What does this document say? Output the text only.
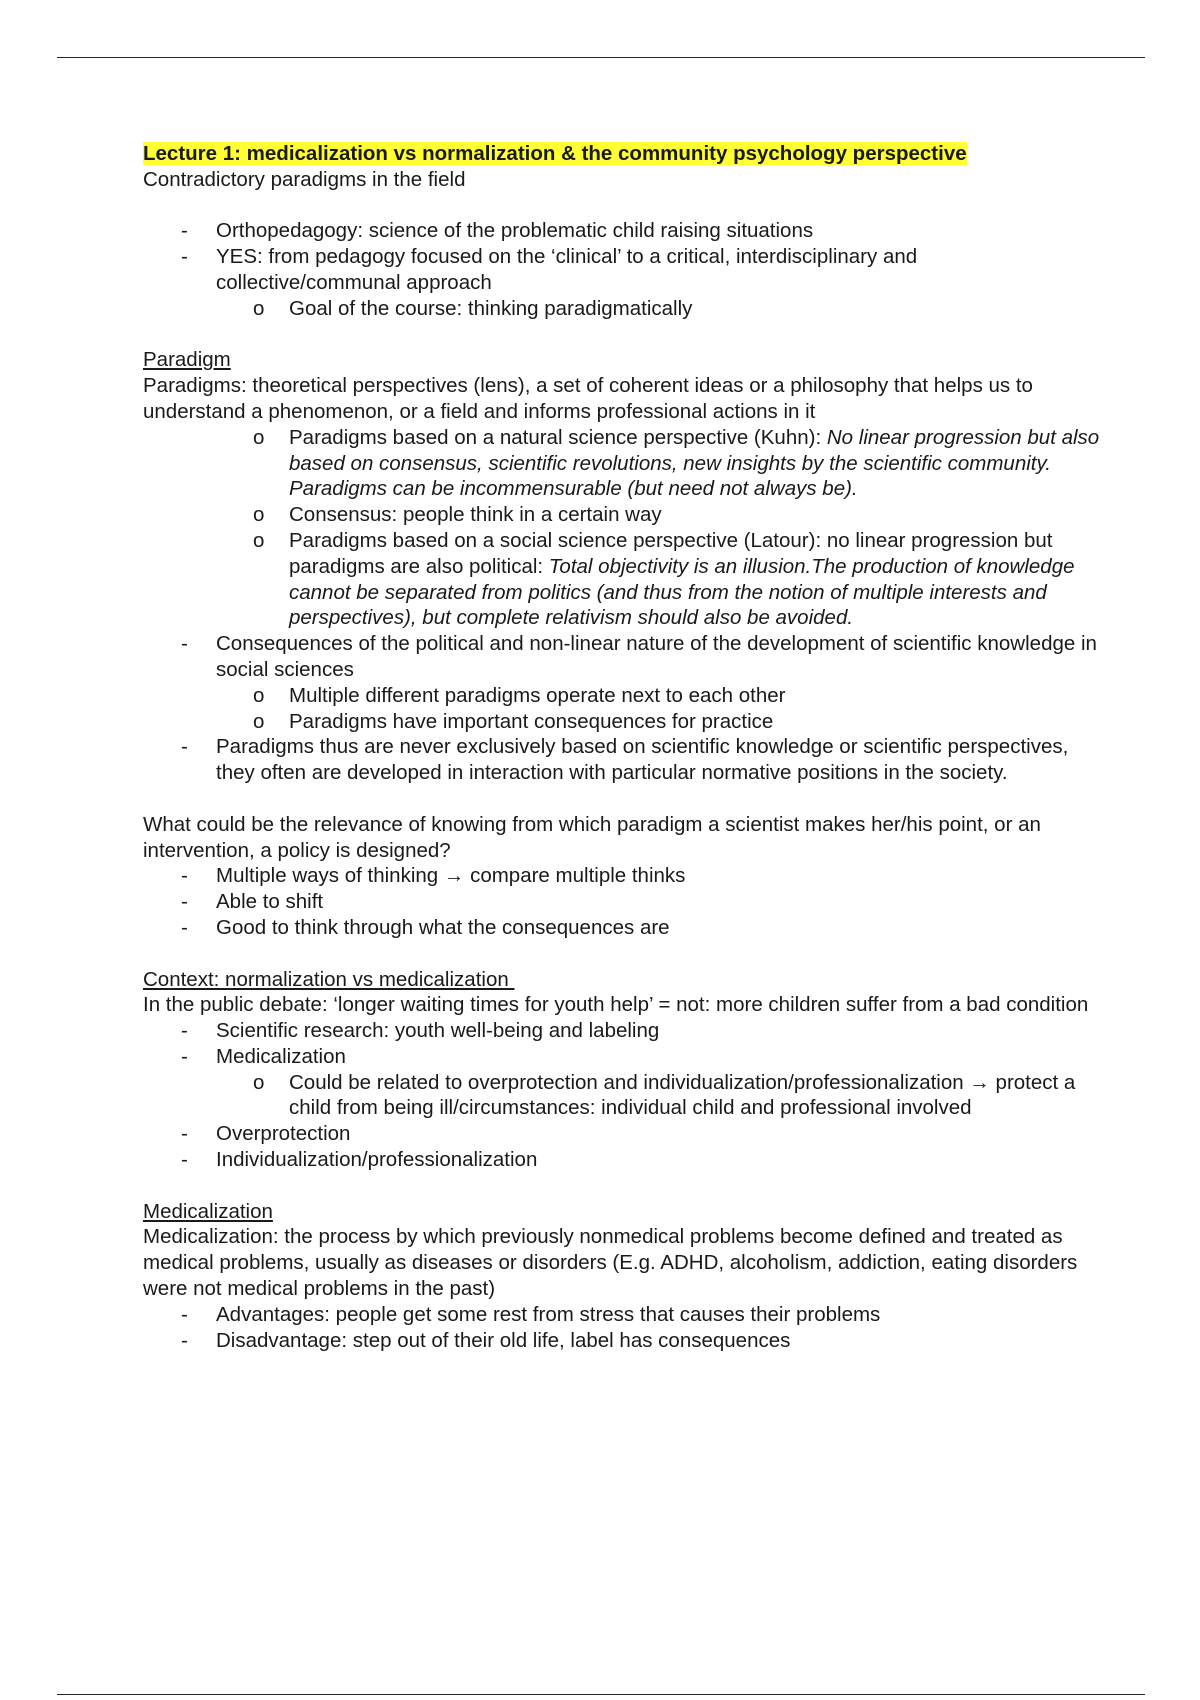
Lecture 1: medicalization vs normalization & the community psychology perspective

Contradictory paradigms in the field

- Orthopedagogy: science of the problematic child raising situations
- YES: from pedagogy focused on the ‘clinical’ to a critical, interdisciplinary and collective/communal approach
o Goal of the course: thinking paradigmatically

Paradigm

Paradigms: theoretical perspectives (lens), a set of coherent ideas or a philosophy that helps us to understand a phenomenon, or a field and informs professional actions in it

o Paradigms based on a natural science perspective (Kuhn): No linear progression but also based on consensus, scientific revolutions, new insights by the scientific community. Paradigms can be incommensurable (but need not always be).
o Consensus: people think in a certain way
o Paradigms based on a social science perspective (Latour): no linear progression but paradigms are also political: Total objectivity is an illusion.The production of knowledge cannot be separated from politics (and thus from the notion of multiple interests and perspectives), but complete relativism should also be avoided.
- Consequences of the political and non-linear nature of the development of scientific knowledge in social sciences
o Multiple different paradigms operate next to each other
o Paradigms have important consequences for practice
- Paradigms thus are never exclusively based on scientific knowledge or scientific perspectives, they often are developed in interaction with particular normative positions in the society.

What could be the relevance of knowing from which paradigm a scientist makes her/his point, or an intervention, a policy is designed?

- Multiple ways of thinking → compare multiple thinks
- Able to shift
- Good to think through what the consequences are

Context: normalization vs medicalization

In the public debate: ‘longer waiting times for youth help’ = not: more children suffer from a bad condition

- Scientific research: youth well-being and labeling
- Medicalization
o Could be related to overprotection and individualization/professionalization → protect a child from being ill/circumstances: individual child and professional involved
- Overprotection
- Individualization/professionalization

Medicalization

Medicalization: the process by which previously nonmedical problems become defined and treated as medical problems, usually as diseases or disorders (E.g. ADHD, alcoholism, addiction, eating disorders were not medical problems in the past)

- Advantages: people get some rest from stress that causes their problems
- Disadvantage: step out of their old life, label has consequences
